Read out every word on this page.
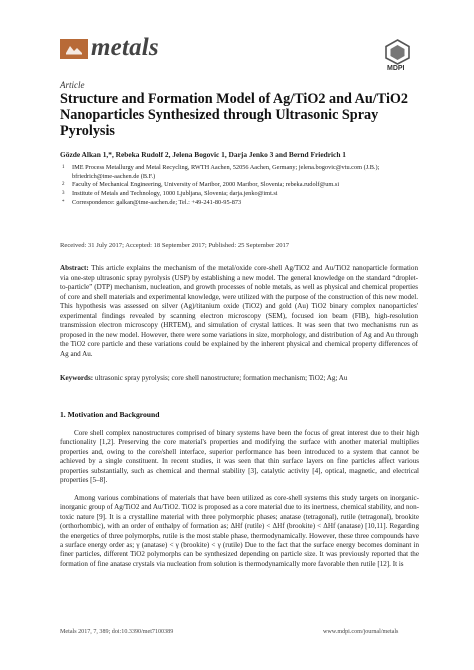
metals
MDPI
Article
Structure and Formation Model of Ag/TiO2 and Au/TiO2 Nanoparticles Synthesized through Ultrasonic Spray Pyrolysis
Gözde Alkan 1,*, Rebeka Rudolf 2, Jelena Bogovic 1, Darja Jenko 3 and Bernd Friedrich 1
1 IME Process Metallurgy and Metal Recycling, RWTH Aachen, 52056 Aachen, Germany; jelena.bogovic@vtu.com (J.B.); bfriedrich@ime-aachen.de (B.F.)
2 Faculty of Mechanical Engineering, University of Maribor, 2000 Maribor, Slovenia; rebeka.rudolf@um.si
3 Institute of Metals and Technology, 1000 Ljubljana, Slovenia; darja.jenko@imt.si
* Correspondence: galkan@ime-aachen.de; Tel.: +49-241-80-95-873
Received: 31 July 2017; Accepted: 18 September 2017; Published: 25 September 2017
Abstract: This article explains the mechanism of the metal/oxide core-shell Ag/TiO2 and Au/TiO2 nanoparticle formation via one-step ultrasonic spray pyrolysis (USP) by establishing a new model. The general knowledge on the standard “droplet-to-particle” (DTP) mechanism, nucleation, and growth processes of noble metals, as well as physical and chemical properties of core and shell materials and experimental knowledge, were utilized with the purpose of the construction of this new model. This hypothesis was assessed on silver (Ag)/titanium oxide (TiO2) and gold (Au) TiO2 binary complex nanoparticles' experimental findings revealed by scanning electron microscopy (SEM), focused ion beam (FIB), high-resolution transmission electron microscopy (HRTEM), and simulation of crystal lattices. It was seen that two mechanisms run as proposed in the new model. However, there were some variations in size, morphology, and distribution of Ag and Au through the TiO2 core particle and these variations could be explained by the inherent physical and chemical property differences of Ag and Au.
Keywords: ultrasonic spray pyrolysis; core shell nanostructure; formation mechanism; TiO2; Ag; Au
1. Motivation and Background

Core shell complex nanostructures comprised of binary systems have been the focus of great interest due to their high functionality [1,2]. Preserving the core material's properties and modifying the surface with another material multiplies properties and, owing to the core/shell interface, superior performance has been introduced to a system that cannot be achieved by a single constituent. In recent studies, it was seen that thin surface layers on fine particles affect various properties substantially, such as chemical and thermal stability [3], catalytic activity [4], optical, magnetic, and electrical properties [5–8].

Among various combinations of materials that have been utilized as core-shell systems this study targets on inorganic-inorganic group of Ag/TiO2 and Au/TiO2. TiO2 is proposed as a core material due to its inertness, chemical stability, and non-toxic nature [9]. It is a crystalline material with three polymorphic phases; anatase (tetragonal), rutile (tetragonal), brookite (orthorhombic), with an order of enthalpy of formation as; ΔHf (rutile) < ΔHf (brookite) < ΔHf (anatase) [10,11]. Regarding the energetics of three polymorphs, rutile is the most stable phase, thermodynamically. However, these three compounds have a surface energy order as; γ (anatase) < γ (brookite) < γ (rutile) Due to the fact that the surface energy becomes dominant in finer particles, different TiO2 polymorphs can be synthesized depending on particle size. It was previously reported that the formation of fine anatase crystals via nucleation from solution is thermodynamically more favorable then rutile [12]. It is

Metals 2017, 7, 389; doi:10.3390/met7100389	www.mdpi.com/journal/metals
